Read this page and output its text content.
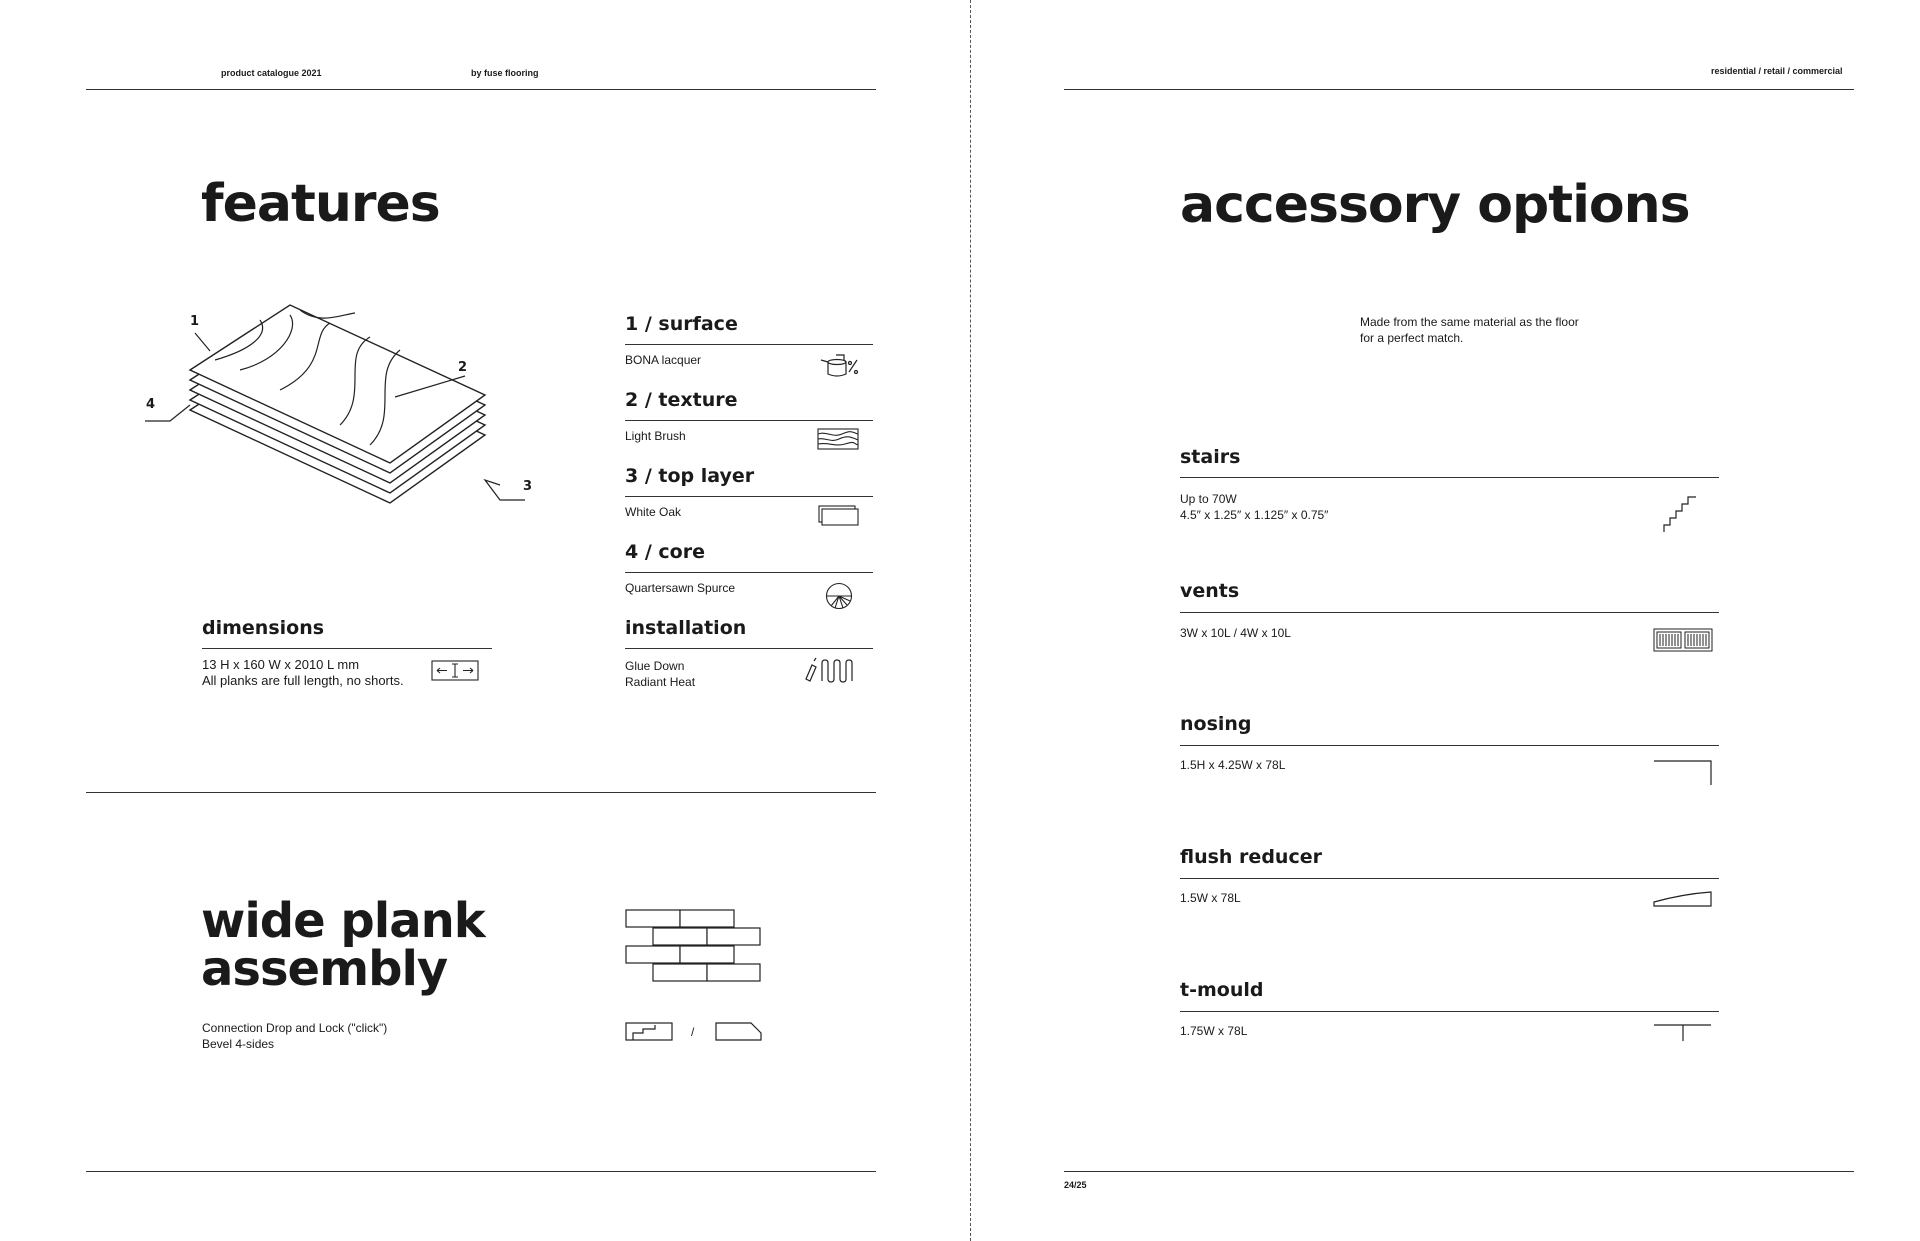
product catalogue 2021	by fuse flooring
features
1
2
3
4
1 / surface
BONA lacquer
2 / texture
Light Brush
3 / top layer
White Oak
4 / core
Quartersawn Spurce
installation
Glue Down
Radiant Heat
dimensions
13 H x 160 W x 2010 L mm
All planks are full length, no shorts.
wide plank
assembly
Connection Drop and Lock ("click")
Bevel 4-sides
/
residential / retail / commercial
accessory options
Made from the same material as the floor
for a perfect match.
stairs
Up to 70W
4.5″ x 1.25″ x 1.125″ x 0.75″
vents
3W x 10L / 4W x 10L
nosing
1.5H x 4.25W x 78L
flush reducer
1.5W x 78L
t-mould
1.75W x 78L
24/25
